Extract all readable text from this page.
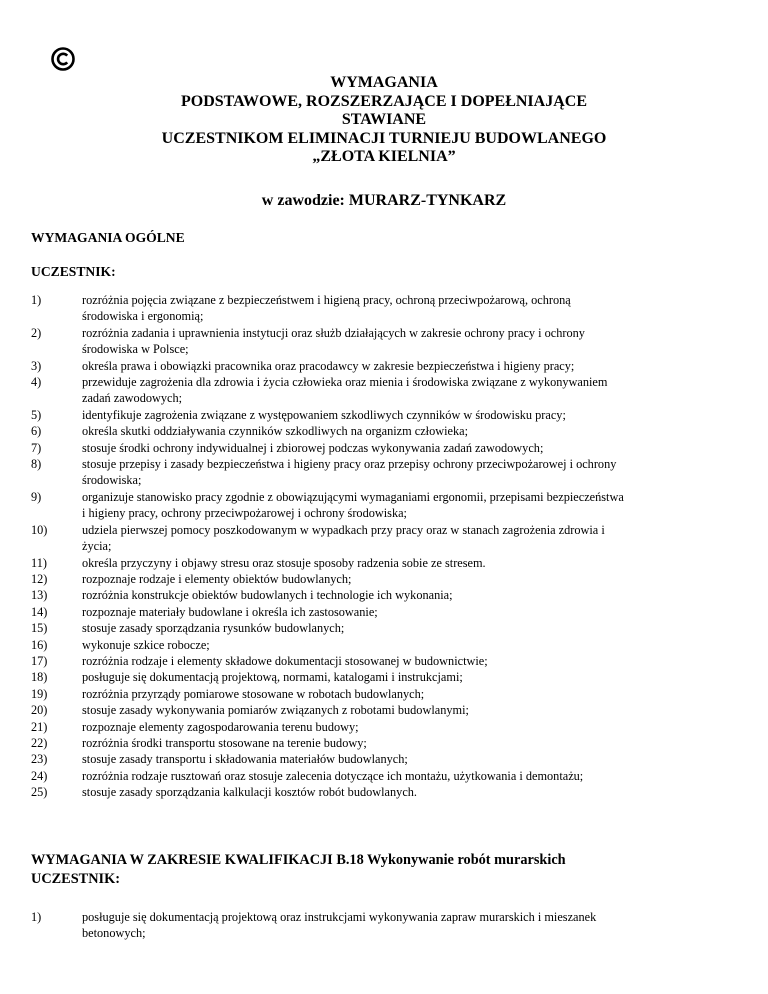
WYMAGANIA
PODSTAWOWE, ROZSZERZAJĄCE I DOPEŁNIAJĄCE
STAWIANE
UCZESTNIKOM ELIMINACJI TURNIEJU BUDOWLANEGO
„ZŁOTA KIELNIA”
w zawodzie: MURARZ-TYNKARZ
WYMAGANIA OGÓLNE
UCZESTNIK:
1)	rozróżnia pojęcia związane z bezpieczeństwem i higieną pracy, ochroną przeciwpożarową, ochroną
środowiska i ergonomią;
2)	rozróżnia zadania i uprawnienia instytucji oraz służb działających w zakresie ochrony pracy i ochrony
środowiska w Polsce;
3)	określa prawa i obowiązki pracownika oraz pracodawcy w zakresie bezpieczeństwa i higieny pracy;
4)	przewiduje zagrożenia dla zdrowia i życia człowieka oraz mienia i środowiska związane z wykonywaniem
zadań zawodowych;
5)	identyfikuje zagrożenia związane z występowaniem szkodliwych czynników w środowisku pracy;
6)	określa skutki oddziaływania czynników szkodliwych na organizm człowieka;
7)	stosuje środki ochrony indywidualnej i zbiorowej podczas wykonywania zadań zawodowych;
8)	stosuje przepisy i zasady bezpieczeństwa i higieny pracy oraz przepisy ochrony przeciwpożarowej i ochrony
środowiska;
9)	organizuje stanowisko pracy zgodnie z obowiązującymi wymaganiami ergonomii, przepisami bezpieczeństwa
i higieny pracy, ochrony przeciwpożarowej i ochrony środowiska;
10)	udziela pierwszej pomocy poszkodowanym w wypadkach przy pracy oraz w stanach zagrożenia zdrowia i
życia;
11)	określa przyczyny i objawy stresu oraz stosuje sposoby radzenia sobie ze stresem.
12)	rozpoznaje rodzaje i elementy obiektów budowlanych;
13)	rozróżnia konstrukcje obiektów budowlanych i technologie ich wykonania;
14)	rozpoznaje materiały budowlane i określa ich zastosowanie;
15)	stosuje zasady sporządzania rysunków budowlanych;
16)	wykonuje szkice robocze;
17)	rozróżnia rodzaje i elementy składowe dokumentacji stosowanej w budownictwie;
18)	posługuje się dokumentacją projektową, normami, katalogami i instrukcjami;
19)	rozróżnia przyrządy pomiarowe stosowane w robotach budowlanych;
20)	stosuje zasady wykonywania pomiarów związanych z robotami budowlanymi;
21)	rozpoznaje elementy zagospodarowania terenu budowy;
22)	rozróżnia środki transportu stosowane na terenie budowy;
23)	stosuje zasady transportu i składowania materiałów budowlanych;
24)	rozróżnia rodzaje rusztowań oraz stosuje zalecenia dotyczące ich montażu, użytkowania i demontażu;
25)	stosuje zasady sporządzania kalkulacji kosztów robót budowlanych.
WYMAGANIA W ZAKRESIE KWALIFIKACJI B.18 Wykonywanie robót murarskich
UCZESTNIK:
1)	posługuje się dokumentacją projektową oraz instrukcjami wykonywania zapraw murarskich i mieszanek
betonowych;
